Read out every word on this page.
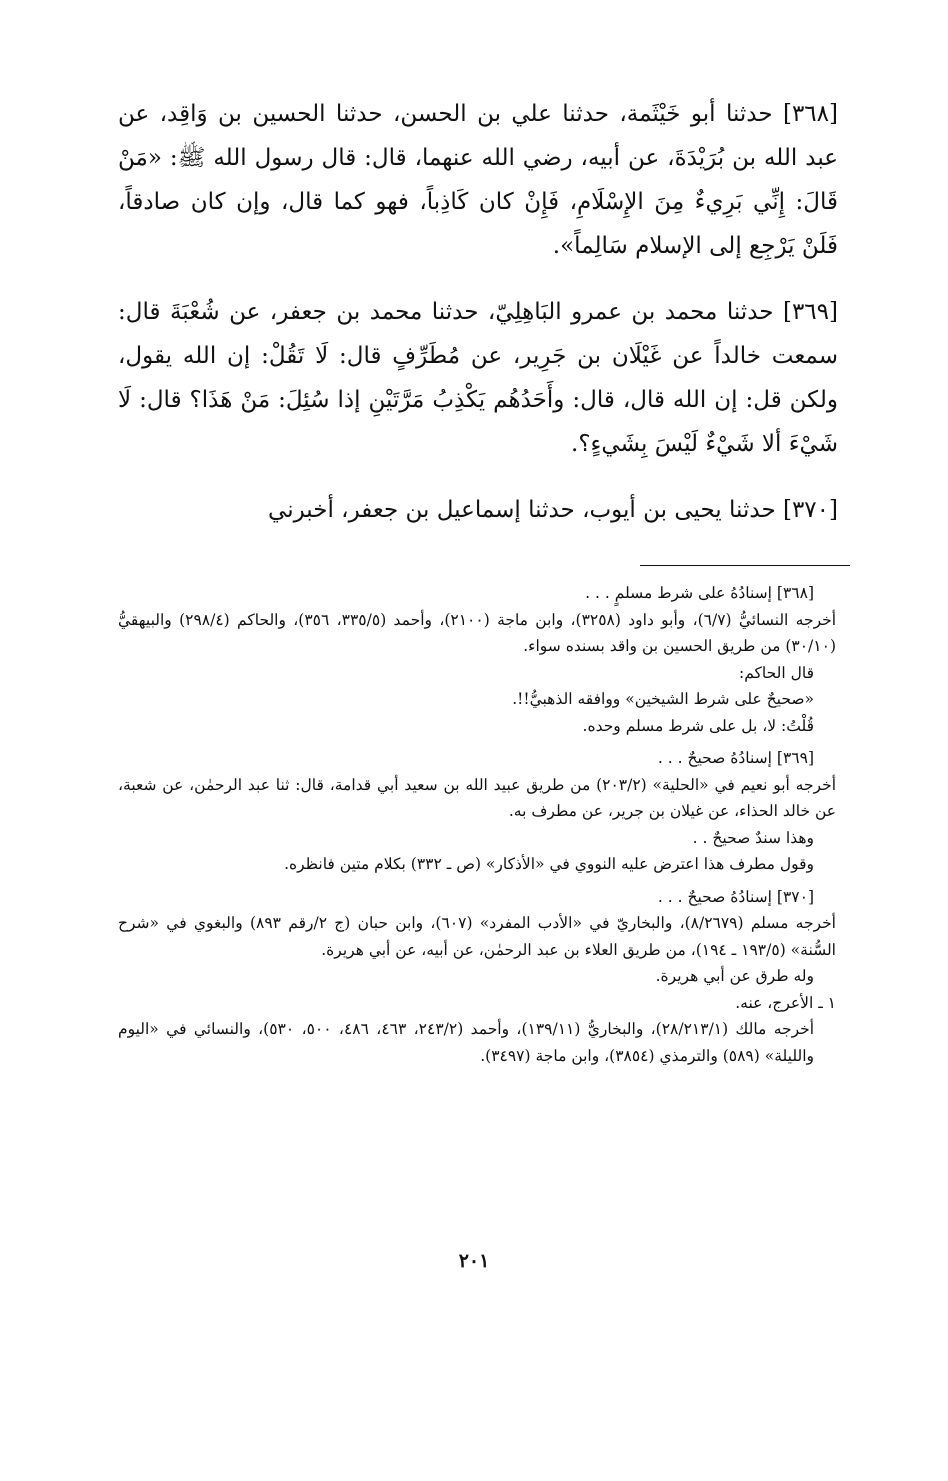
[٣٦٨] حدثنا أبو خَيْثَمة، حدثنا علي بن الحسن، حدثنا الحسين بن وَاقِد، عن عبد الله بن بُرَيْدَةَ، عن أبيه، رضي الله عنهما، قال: قال رسول الله ﷺ: «مَنْ قَالَ: إِنِّي بَرِيءٌ مِنَ الإِسْلَامِ، فَإِنْ كان كَاذِباً، فهو كما قال، وإن كان صادقاً، فَلَنْ يَرْجِع إلى الإسلام سَالِماً».

[٣٦٩] حدثنا محمد بن عمرو البَاهِلِيّ، حدثنا محمد بن جعفر، عن شُعْبَةَ قال: سمعت خالداً عن غَيْلَان بن جَرِير، عن مُطَرِّفٍ قال: لَا تَقُلْ: إن الله يقول، ولكن قل: إن الله قال، قال: وأَحَدُهُم يَكْذِبُ مَرَّتَيْنِ إذا سُئِلَ: مَنْ هَذَا؟ قال: لَا شَيْءَ ألا شَيْءٌ لَيْسَ بِشَيءٍ؟.

[٣٧٠] حدثنا يحيى بن أيوب، حدثنا إسماعيل بن جعفر، أخبرني

[٣٦٨] إسنادُهُ على شرط مسلمٍ . . .

أخرجه النسائيُّ (٦/٧)، وأبو داود (٣٢٥٨)، وابن ماجة (٢١٠٠)، وأحمد (٣٣٥/٥، ٣٥٦)، والحاكم (٢٩٨/٤) والبيهقيُّ (٣٠/١٠) من طريق الحسين بن واقد بسنده سواء.

قال الحاكم:

«صحيحٌ على شرط الشيخين» ووافقه الذهبيُّ!!.

قُلْتُ: لا، بل على شرط مسلم وحده.

[٣٦٩] إسنادُهُ صحيحٌ . . .

أخرجه أبو نعيم في «الحلية» (٢٠٣/٢) من طريق عبيد الله بن سعيد أبي قدامة، قال: ثنا عبد الرحمٰن، عن شعبة، عن خالد الحذاء، عن غيلان بن جرير، عن مطرف به.

وهذا سندٌ صحيحٌ . .

وقول مطرف هذا اعترض عليه النووي في «الأذكار» (ص ـ ٣٣٢) بكلام متين فانظره.

[٣٧٠] إسنادُهُ صحيحٌ . . .

أخرجه مسلم (٨/٢٦٧٩)، والبخاريّ في «الأدب المفرد» (٦٠٧)، وابن حبان (ج ٢/رقم ٨٩٣) والبغوي في «شرح السُّنة» (١٩٣/٥ ـ ١٩٤)، من طريق العلاء بن عبد الرحمٰن، عن أبيه، عن أبي هريرة.

وله طرق عن أبي هريرة.

١ ـ الأعرج، عنه.

أخرجه مالك (٢٨/٢١٣/١)، والبخاريُّ (١٣٩/١١)، وأحمد (٢٤٣/٢، ٤٦٣، ٤٨٦، ٥٠٠، ٥٣٠)، والنسائي في «اليوم والليلة» (٥٨٩) والترمذي (٣٨٥٤)، وابن ماجة (٣٤٩٧).

٢٠١
